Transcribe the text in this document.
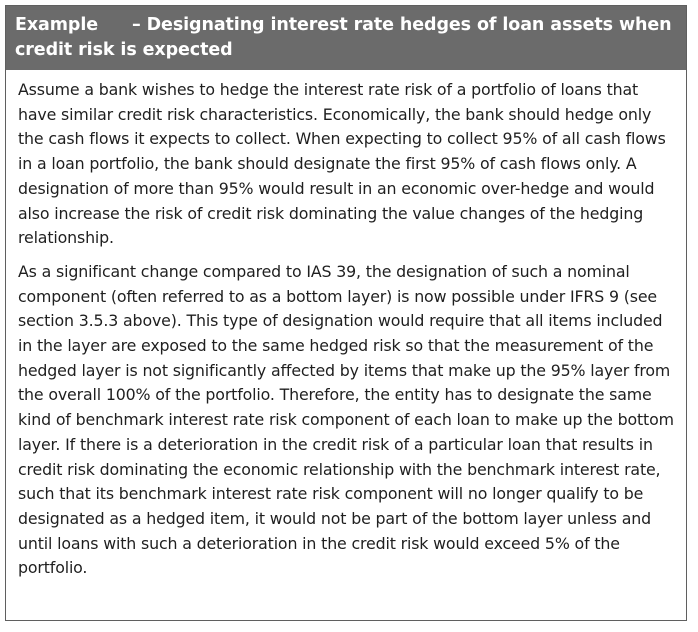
Example – Designating interest rate hedges of loan assets when credit risk is expected

Assume a bank wishes to hedge the interest rate risk of a portfolio of loans that have similar credit risk characteristics. Economically, the bank should hedge only the cash flows it expects to collect. When expecting to collect 95% of all cash flows in a loan portfolio, the bank should designate the first 95% of cash flows only. A designation of more than 95% would result in an economic over-hedge and would also increase the risk of credit risk dominating the value changes of the hedging relationship.

As a significant change compared to IAS 39, the designation of such a nominal component (often referred to as a bottom layer) is now possible under IFRS 9 (see section 3.5.3 above). This type of designation would require that all items included in the layer are exposed to the same hedged risk so that the measurement of the hedged layer is not significantly affected by items that make up the 95% layer from the overall 100% of the portfolio. Therefore, the entity has to designate the same kind of benchmark interest rate risk component of each loan to make up the bottom layer. If there is a deterioration in the credit risk of a particular loan that results in credit risk dominating the economic relationship with the benchmark interest rate, such that its benchmark interest rate risk component will no longer qualify to be designated as a hedged item, it would not be part of the bottom layer unless and until loans with such a deterioration in the credit risk would exceed 5% of the portfolio.
